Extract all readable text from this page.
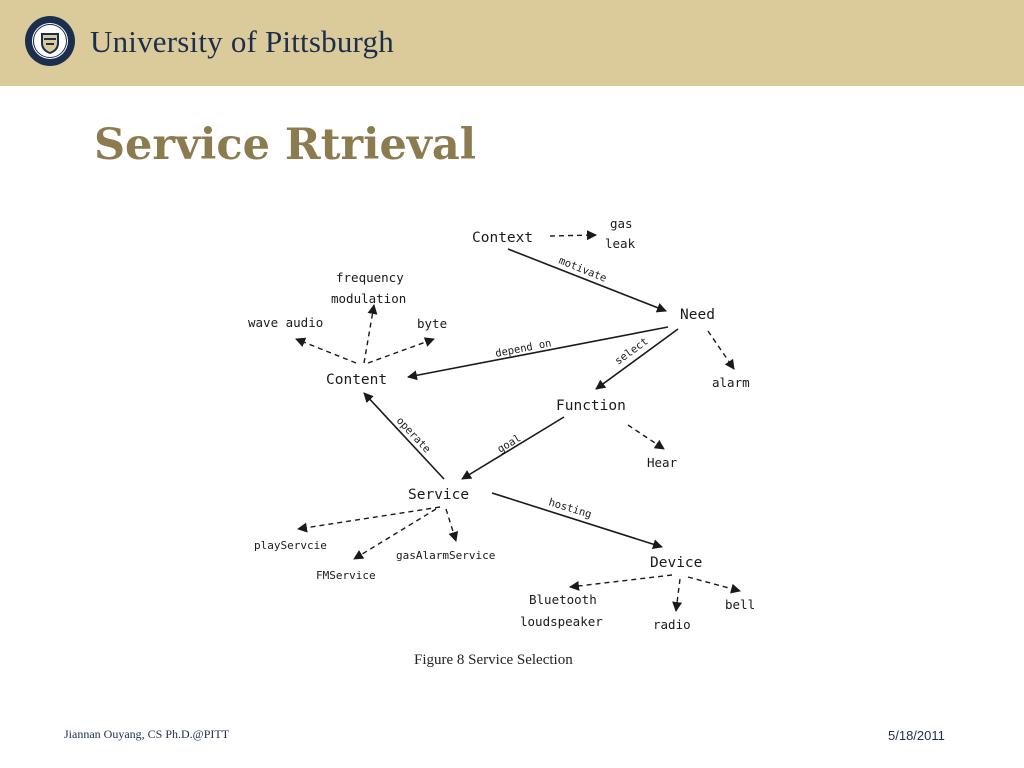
University of Pittsburgh
Service Rtrieval
motivate
depend on	select
operate	goal
hosting
Context
Need
Content
Function
Service
Device
gas
leak
alarm
frequency
modulation
wave audio	byte
Hear
Bluetooth
loudspeaker	radio
bell
playServcie
FMService
gasAlarmService
Figure 8 Service Selection
Jiannan Ouyang, CS Ph.D.@PITT	5/18/2011
